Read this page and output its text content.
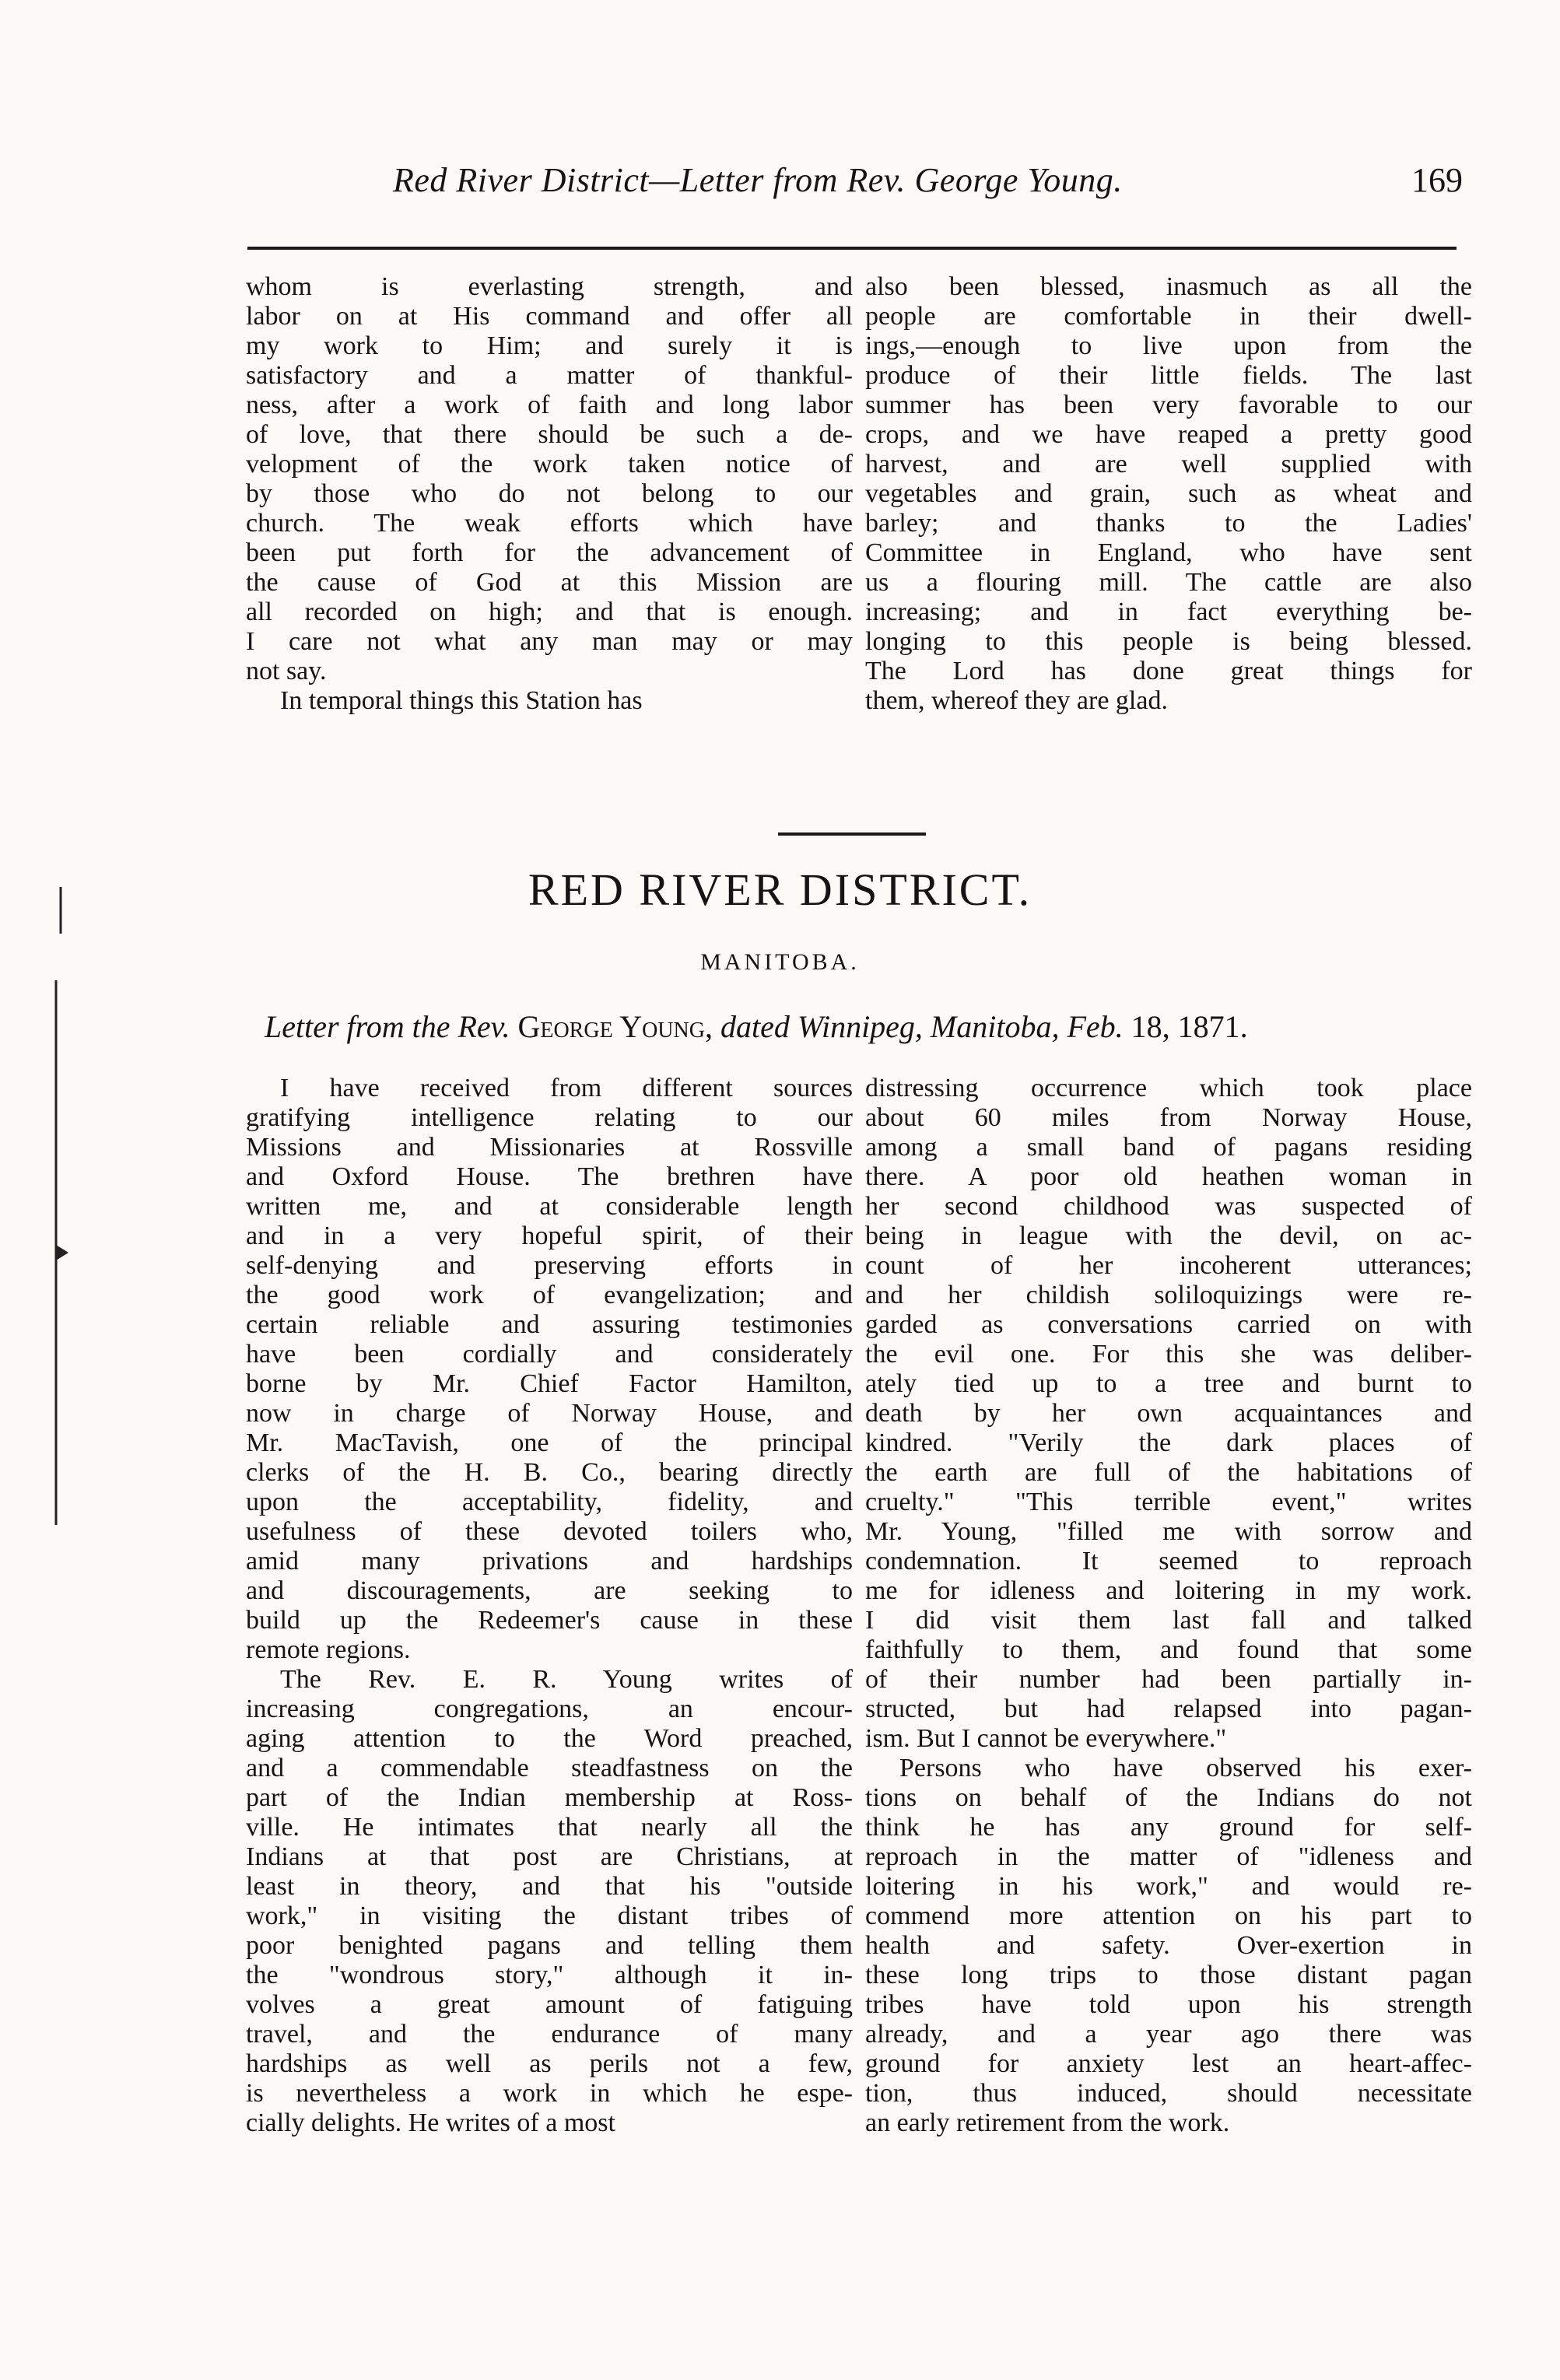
Red River District—Letter from Rev. George Young.	169
whom is everlasting strength, and
labor on at His command and offer all
my work to Him; and surely it is
satisfactory and a matter of thankful-
ness, after a work of faith and long labor
of love, that there should be such a de-
velopment of the work taken notice of
by those who do not belong to our
church. The weak efforts which have
been put forth for the advancement of
the cause of God at this Mission are
all recorded on high; and that is enough.
I care not what any man may or may
not say.
In temporal things this Station has
also been blessed, inasmuch as all the
people are comfortable in their dwell-
ings,—enough to live upon from the
produce of their little fields. The last
summer has been very favorable to our
crops, and we have reaped a pretty good
harvest, and are well supplied with
vegetables and grain, such as wheat and
barley; and thanks to the Ladies'
Committee in England, who have sent
us a flouring mill. The cattle are also
increasing; and in fact everything be-
longing to this people is being blessed.
The Lord has done great things for
them, whereof they are glad.
RED RIVER DISTRICT.
MANITOBA.
Letter from the Rev. George Young, dated Winnipeg, Manitoba, Feb. 18, 1871.
I have received from different sources
gratifying intelligence relating to our
Missions and Missionaries at Rossville
and Oxford House. The brethren have
written me, and at considerable length
and in a very hopeful spirit, of their
self-denying and preserving efforts in
the good work of evangelization; and
certain reliable and assuring testimonies
have been cordially and considerately
borne by Mr. Chief Factor Hamilton,
now in charge of Norway House, and
Mr. MacTavish, one of the principal
clerks of the H. B. Co., bearing directly
upon the acceptability, fidelity, and
usefulness of these devoted toilers who,
amid many privations and hardships
and discouragements, are seeking to
build up the Redeemer's cause in these
remote regions.
The Rev. E. R. Young writes of
increasing congregations, an encour-
aging attention to the Word preached,
and a commendable steadfastness on the
part of the Indian membership at Ross-
ville. He intimates that nearly all the
Indians at that post are Christians, at
least in theory, and that his "outside
work," in visiting the distant tribes of
poor benighted pagans and telling them
the "wondrous story," although it in-
volves a great amount of fatiguing
travel, and the endurance of many
hardships as well as perils not a few,
is nevertheless a work in which he espe-
cially delights. He writes of a most
distressing occurrence which took place
about 60 miles from Norway House,
among a small band of pagans residing
there. A poor old heathen woman in
her second childhood was suspected of
being in league with the devil, on ac-
count of her incoherent utterances;
and her childish soliloquizings were re-
garded as conversations carried on with
the evil one. For this she was deliber-
ately tied up to a tree and burnt to
death by her own acquaintances and
kindred. "Verily the dark places of
the earth are full of the habitations of
cruelty." "This terrible event," writes
Mr. Young, "filled me with sorrow and
condemnation. It seemed to reproach
me for idleness and loitering in my work.
I did visit them last fall and talked
faithfully to them, and found that some
of their number had been partially in-
structed, but had relapsed into pagan-
ism. But I cannot be everywhere."
Persons who have observed his exer-
tions on behalf of the Indians do not
think he has any ground for self-
reproach in the matter of "idleness and
loitering in his work," and would re-
commend more attention on his part to
health and safety. Over-exertion in
these long trips to those distant pagan
tribes have told upon his strength
already, and a year ago there was
ground for anxiety lest an heart-affec-
tion, thus induced, should necessitate
an early retirement from the work.
